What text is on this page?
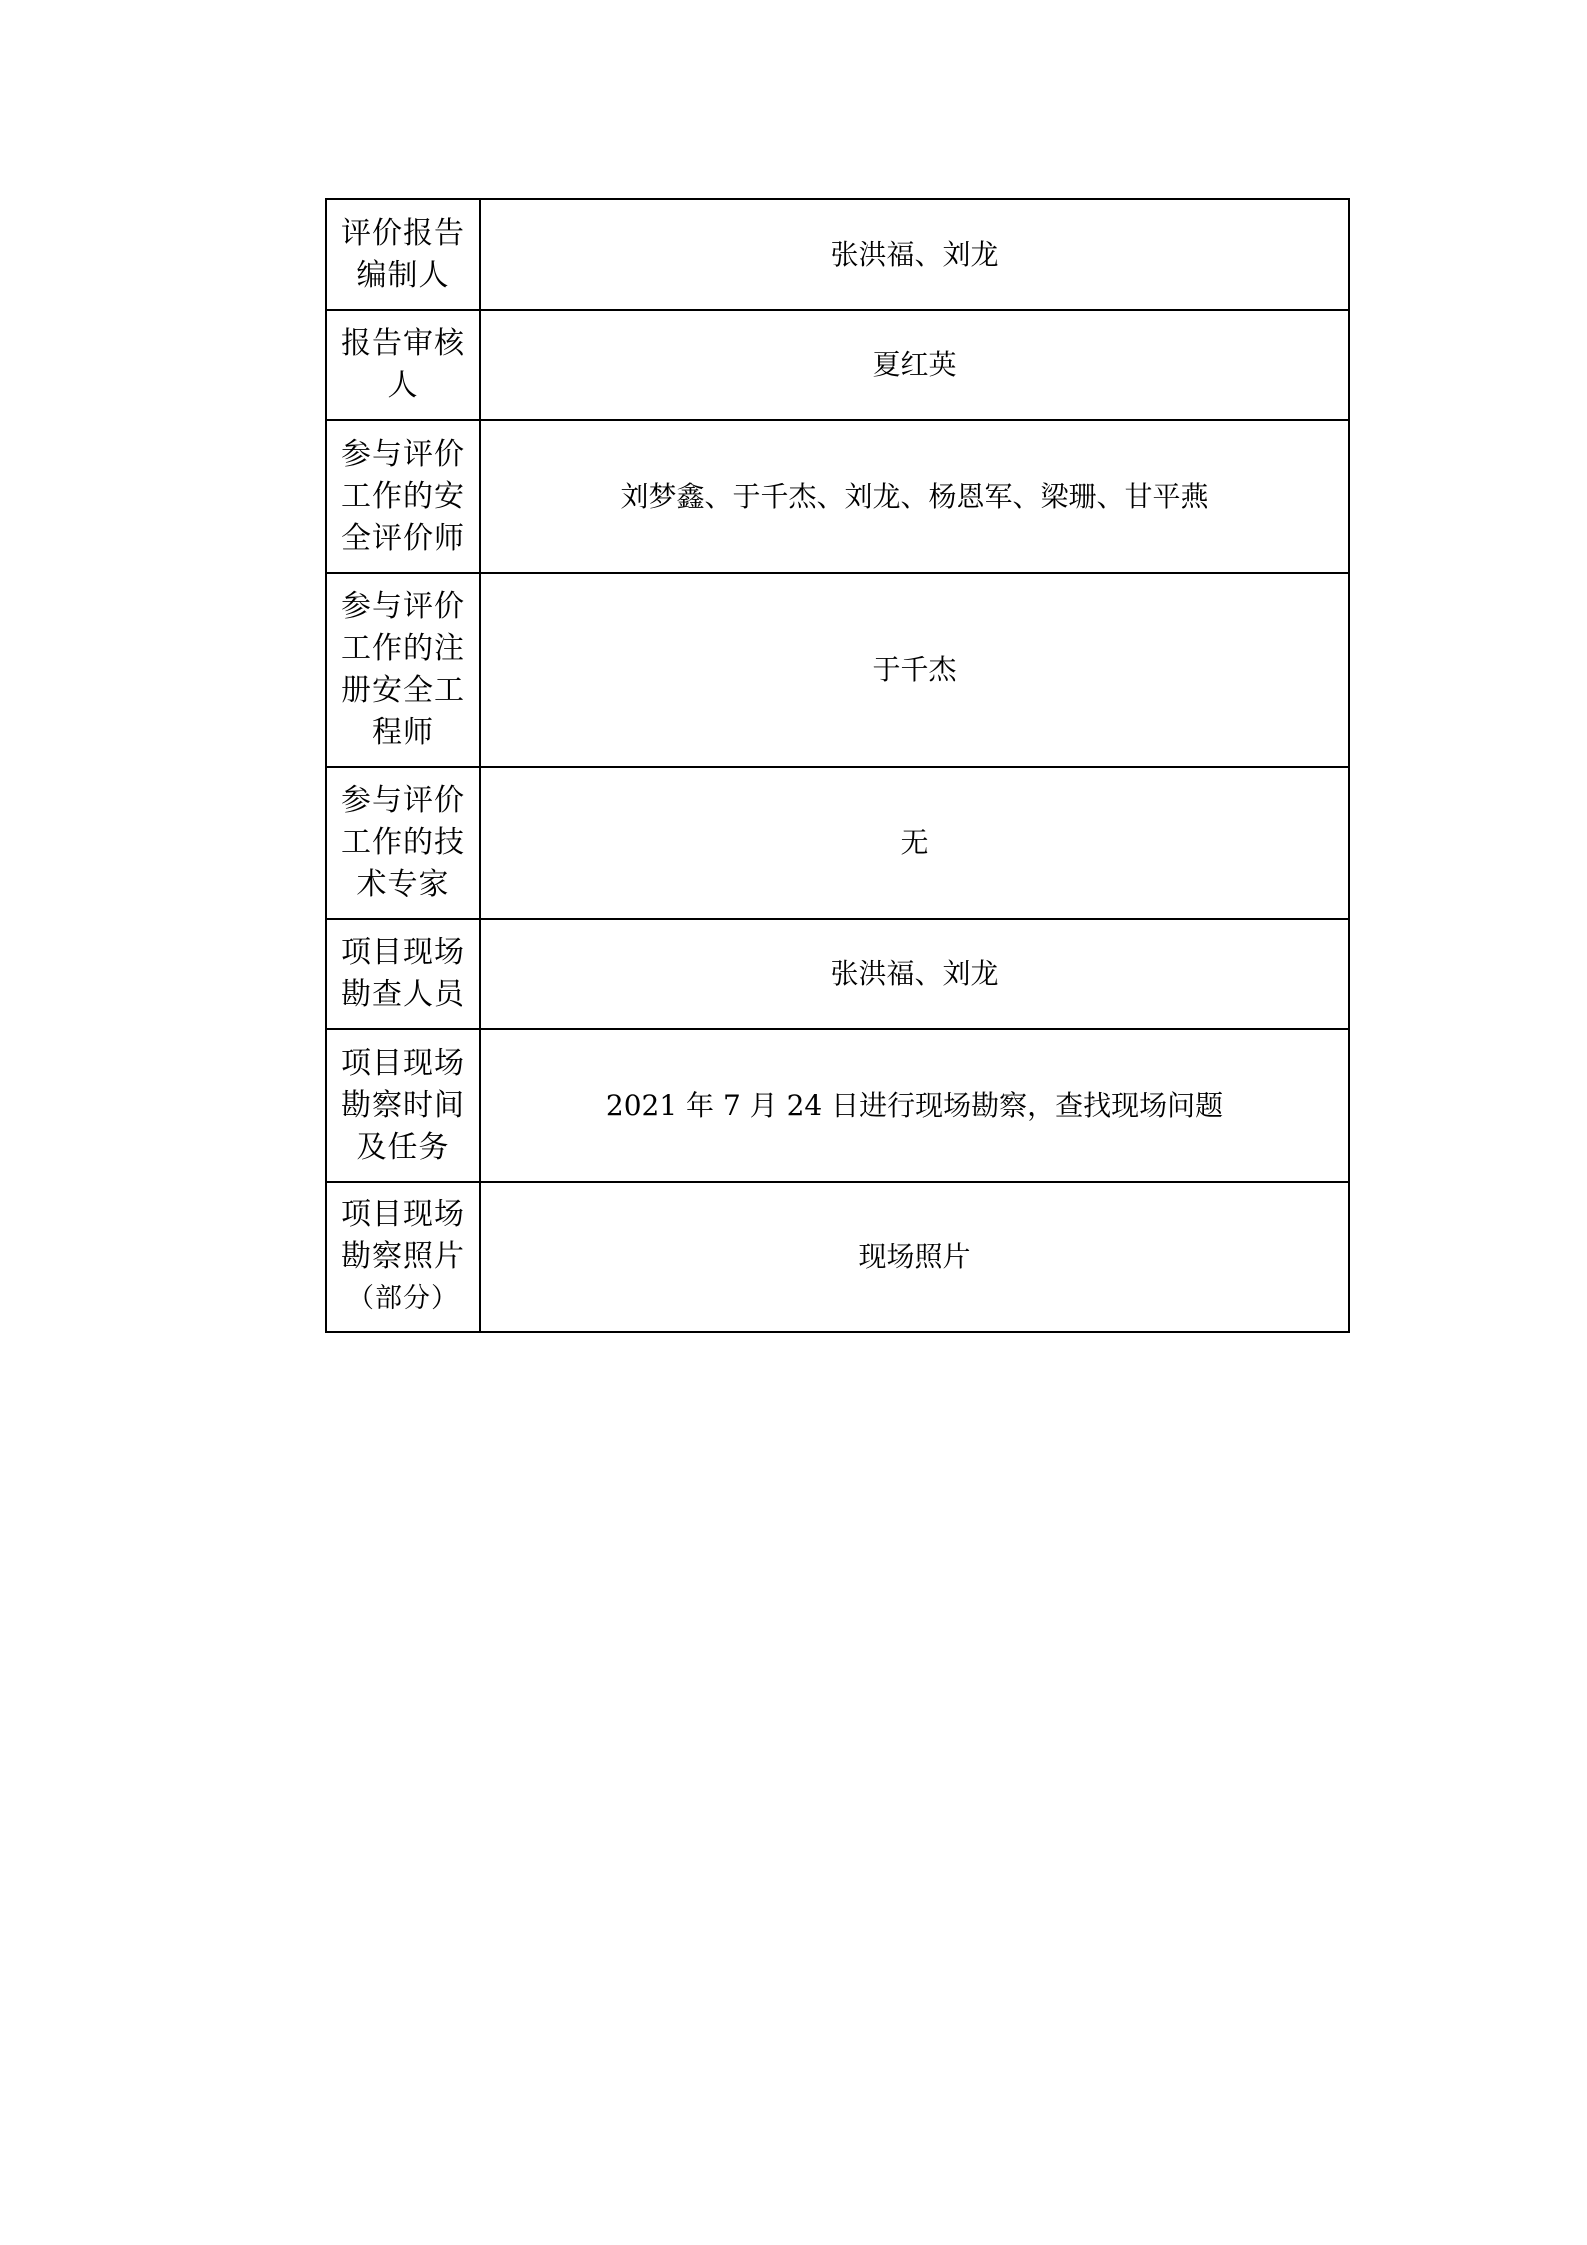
评价报告编制人	张洪福、刘龙

报告审核人	夏红英

参与评价工作的安全评价师	刘梦鑫、于千杰、刘龙、杨恩军、梁珊、甘平燕

参与评价工作的注册安全工程师	于千杰

参与评价工作的技术专家	无

项目现场勘查人员	张洪福、刘龙

项目现场勘察时间及任务	2021 年 7 月 24 日进行现场勘察，查找现场问题

项目现场勘察照片
（部分）	现场照片
